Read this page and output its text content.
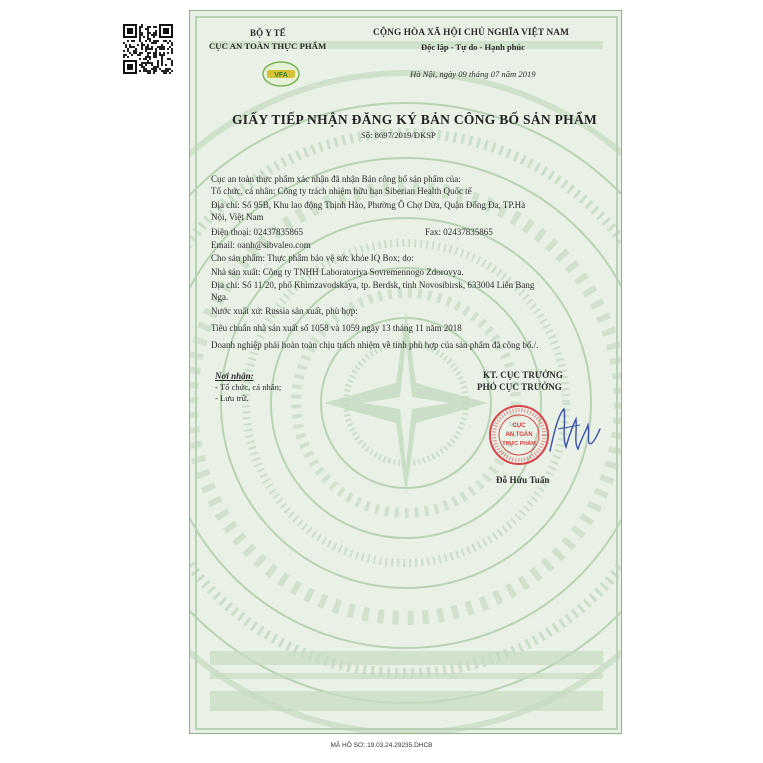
BỘ Y TẾ
CỤC AN TOÀN THỰC PHẨM
VFA
CỘNG HÒA XÃ HỘI CHỦ NGHĨA VIỆT NAM
Độc lập - Tự do - Hạnh phúc
Hà Nội, ngày 09 tháng 07 năm 2019
GIẤY TIẾP NHẬN ĐĂNG KÝ BẢN CÔNG BỐ SẢN PHẨM
Số: 8697/2019/ĐKSP
Cục an toàn thực phẩm xác nhận đã nhận Bản công bố sản phẩm của:
Tổ chức, cá nhân: Công ty trách nhiệm hữu hạn Siberian Health Quốc tế
Địa chỉ: Số 95B, Khu lao động Thịnh Hào, Phường Ô Chợ Dừa, Quận Đống Đa, TP.Hà
Nội, Việt Nam
Điện thoại: 02437835865	Fax: 02437835865
Email: oanh@sibvaleo.com
Cho sản phẩm: Thực phẩm bảo vệ sức khỏe IQ Box; do:
Nhà sản xuất: Công ty TNHH Laboratoriya Sovremennogo Zdorovya.
Địa chỉ: Số 11/20, phố Khimzavodskaya, tp. Berdsk, tỉnh Novosibirsk, 633004 Liên Bang
Nga.
Nước xuất xứ: Russia sản xuất, phù hợp:
Tiêu chuẩn nhà sản xuất số 1058 và 1059 ngày 13 tháng 11 năm 2018
Doanh nghiệp phải hoàn toàn chịu trách nhiệm về tính phù hợp của sản phẩm đã công bố./.
Nơi nhận:
- Tổ chức, cá nhân;
- Lưu trữ.
KT. CỤC TRƯỞNG
PHÓ CỤC TRƯỞNG
CỤC
AN TOÀN
THỰC PHẨM
Đỗ Hữu Tuấn
MÃ HỒ SƠ: 19.03.24.29235.DHCB
